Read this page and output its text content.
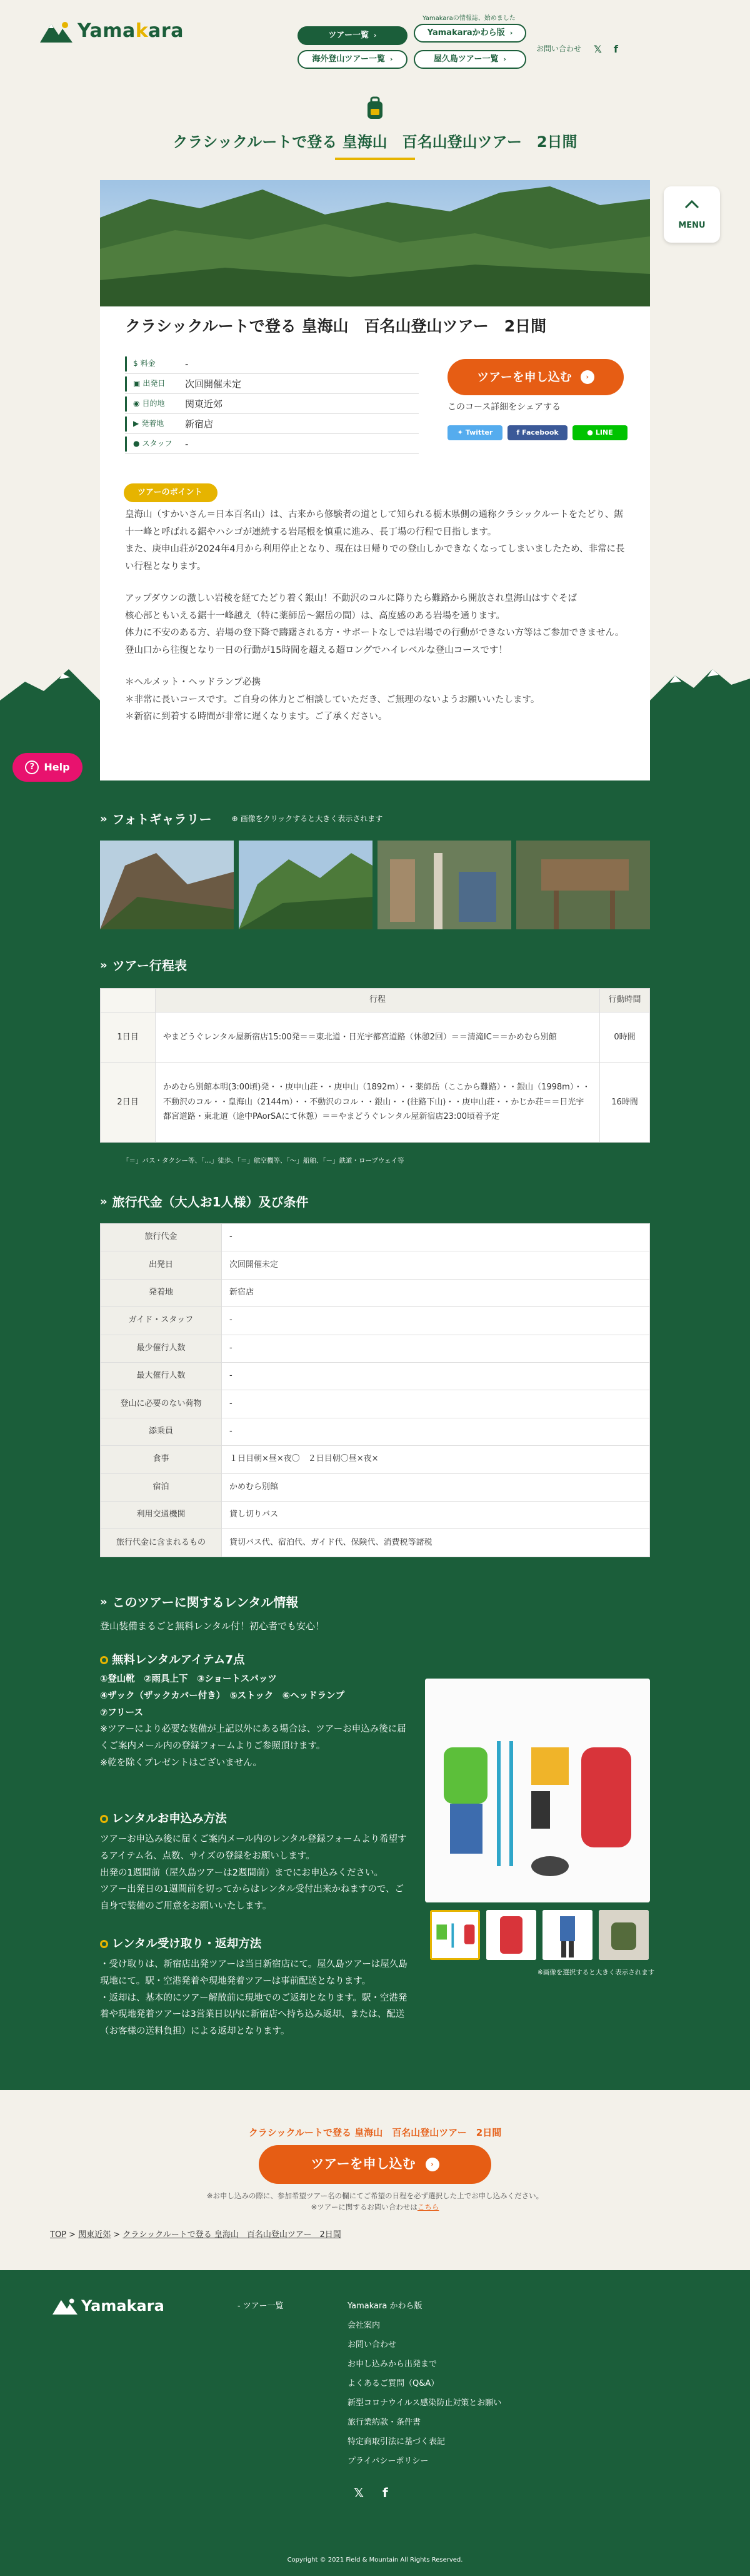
Yamakara
Yamakaraの情報誌、始めました
ツアー一覧 ›	Yamakaraかわら版 ›
海外登山ツアー一覧 ›	屋久島ツアー一覧 ›
お問い合わせ 𝕏 f
クラシックルートで登る 皇海山　百名山登山ツアー　2日間
MENU
? Help
クラシックルートで登る 皇海山　百名山登山ツアー　2日間
$ 料金	-
▣ 出発日	次回開催未定
◉ 目的地	関東近郊
▶ 発着地	新宿店
● スタッフ	-
ツアーを申し込む	›
このコース詳細をシェアする
✦ Twitter	f Facebook	● LINE
ツアーのポイント

皇海山（すかいさん＝日本百名山）は、古来から修験者の道として知られる栃木県側の通称クラシックルートをたどり、鋸十一峰と呼ばれる鋸やハシゴが連続する岩尾根を慎重に進み、長丁場の行程で目指します。
また、庚申山荘が2024年4月から利用停止となり、現在は日帰りでの登山しかできなくなってしまいましたため、非常に長い行程となります。

アップダウンの激しい岩稜を経てたどり着く銀山！不動沢のコルに降りたら難路から開放され皇海山はすぐそば
核心部ともいえる鋸十一峰越え（特に薬師岳〜鋸岳の間）は、高度感のある岩場を通ります。
体力に不安のある方、岩場の登下降で躊躇される方・サポートなしでは岩場での行動ができない方等はご参加できません。
登山口から往復となり一日の行動が15時間を超える超ロングでハイレベルな登山コースです！

＊ヘルメット・ヘッドランプ必携
＊非常に長いコースです。ご自身の体力とご相談していただき、ご無理のないようお願いいたします。
＊新宿に到着する時間が非常に遅くなります。ご了承ください。

» フォトギャラリー	⊕ 画像をクリックすると大きく表示されます
» ツアー行程表
	行程	行動時間
1日目	やまどうぐレンタル屋新宿店15:00発＝＝東北道・日光宇都宮道路（休憩2回）＝＝清滝IC＝＝かめむら別館	0時間
2日目	かめむら別館本明(3:00頃)発・・庚申山荘・・庚申山（1892m）・・薬師岳（ここから難路）・・銀山（1998m）・・不動沢のコル・・皇海山（2144m）・・不動沢のコル・・銀山・・(往路下山)・・庚申山荘・・かじか荘＝＝日光宇都宮道路・東北道（途中PAorSAにて休憩）＝＝やまどうぐレンタル屋新宿店23:00頃着予定	16時間
「＝」バス・タクシー等、「…」徒歩、「＝」航空機等、「〜」船舶、「－」鉄道・ロープウェイ等
» 旅行代金（大人お1人様）及び条件
旅行代金	-
出発日	次回開催未定
発着地	新宿店
ガイド・スタッフ	-
最少催行人数	-
最大催行人数	-
登山に必要のない荷物	-
添乗員	-
食事	１日目朝×昼×夜〇　２日目朝〇昼×夜×
宿泊	かめむら別館
利用交通機関	貸し切りバス
旅行代金に含まれるもの	貸切バス代、宿泊代、ガイド代、保険代、消費税等諸税
» このツアーに関するレンタル情報
登山装備まるごと無料レンタル付！初心者でも安心！
無料レンタルアイテム7点
①登山靴　②雨具上下　③ショートスパッツ
④ザック（ザックカバー付き）　⑤ストック　⑥ヘッドランプ
⑦フリース
※ツアーにより必要な装備が上記以外にある場合は、ツアーお申込み後に届くご案内メール内の登録フォームよりご参照頂けます。
※乾を除くプレゼントはございません。
レンタルお申込み方法
ツアーお申込み後に届くご案内メール内のレンタル登録フォームより希望するアイテム名、点数、サイズの登録をお願いします。
出発の1週間前（屋久島ツアーは2週間前）までにお申込みください。
ツアー出発日の1週間前を切ってからはレンタル受付出来かねますので、ご自身で装備のご用意をお願いいたします。
レンタル受け取り・返却方法
・受け取りは、新宿店出発ツアーは当日新宿店にて。屋久島ツアーは屋久島現地にて。駅・空港発着や現地発着ツアーは事前配送となります。
・返却は、基本的にツアー解散前に現地でのご返却となります。駅・空港発着や現地発着ツアーは3営業日以内に新宿店へ持ち込み返却、または、配送（お客様の送料負担）による返却となります。
※画像を選択すると大きく表示されます
クラシックルートで登る 皇海山　百名山登山ツアー　2日間
ツアーを申し込む	›
※お申し込みの際に、参加希望ツアー名の欄にてご希望の日程を必ず選択した上でお申し込みください。
※ツアーに関するお問い合わせはこちら
TOP > 関東近郊 > クラシックルートで登る 皇海山　百名山登山ツアー　2日間
Yamakara	- ツアー一覧	Yamakara かわら版
会社案内
お問い合わせ
お申し込みから出発まで
よくあるご質問（Q&A）
新型コロナウイルス感染防止対策とお願い
旅行業約款・条件書
特定商取引法に基づく表記
プライバシーポリシー
𝕏 f
Copyright © 2021 Field & Mountain All Rights Reserved.
